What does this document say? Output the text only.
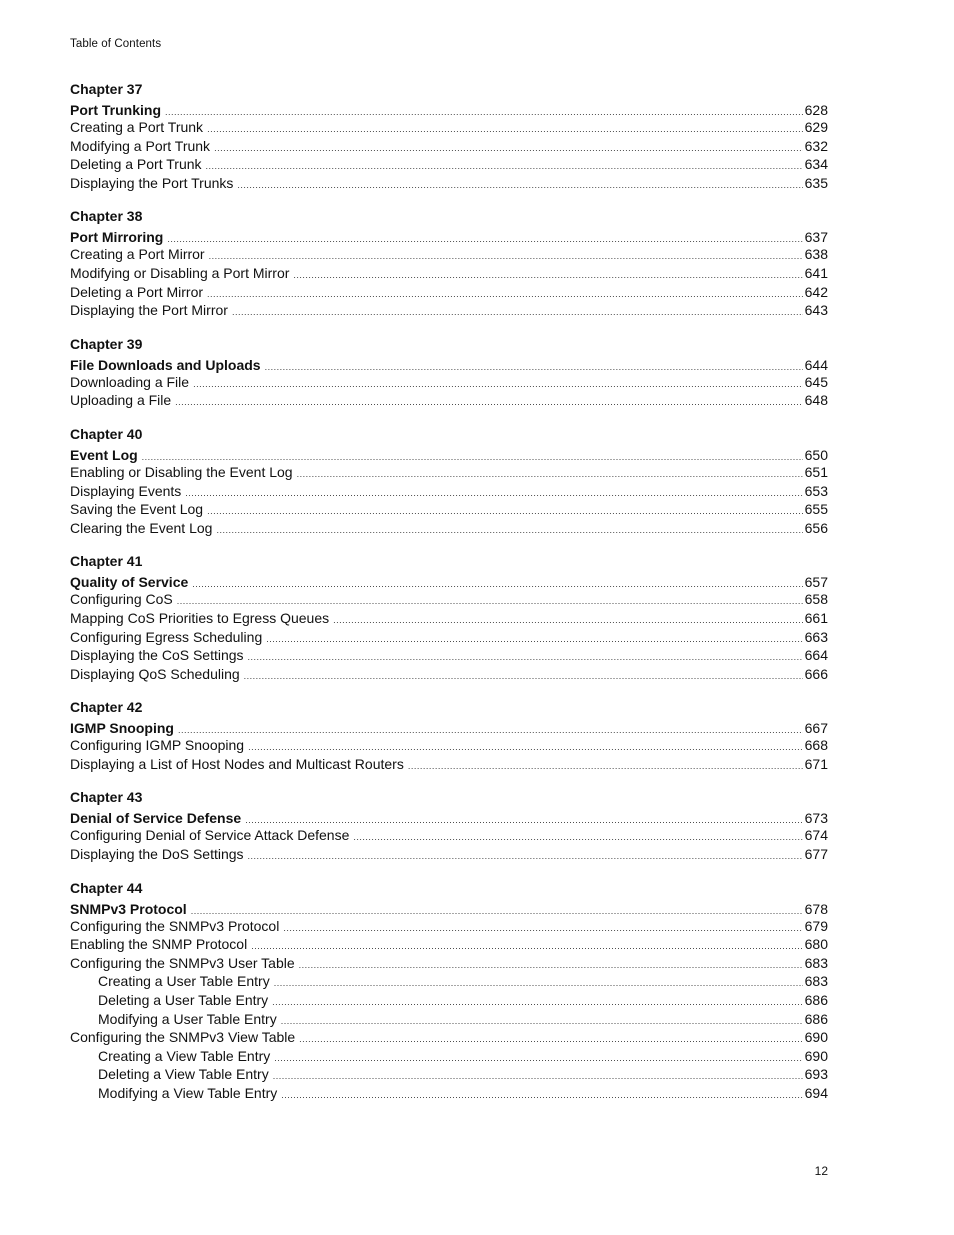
Table of Contents
Chapter 37
Port Trunking .....	628
Creating a Port Trunk .....	629
Modifying a Port Trunk .....	632
Deleting a Port Trunk .....	634
Displaying the Port Trunks .....	635
Chapter 38
Port Mirroring .....	637
Creating a Port Mirror .....	638
Modifying or Disabling a Port Mirror .....	641
Deleting a Port Mirror .....	642
Displaying the Port Mirror .....	643
Chapter 39
File Downloads and Uploads .....	644
Downloading a File .....	645
Uploading a File .....	648
Chapter 40
Event Log .....	650
Enabling or Disabling the Event Log .....	651
Displaying Events .....	653
Saving the Event Log .....	655
Clearing the Event Log .....	656
Chapter 41
Quality of Service .....	657
Configuring CoS .....	658
Mapping CoS Priorities to Egress Queues .....	661
Configuring Egress Scheduling .....	663
Displaying the CoS Settings .....	664
Displaying QoS Scheduling .....	666
Chapter 42
IGMP Snooping .....	667
Configuring IGMP Snooping .....	668
Displaying a List of Host Nodes and Multicast Routers .....	671
Chapter 43
Denial of Service Defense .....	673
Configuring Denial of Service Attack Defense .....	674
Displaying the DoS Settings .....	677
Chapter 44
SNMPv3 Protocol .....	678
Configuring the SNMPv3 Protocol .....	679
Enabling the SNMP Protocol .....	680
Configuring the SNMPv3 User Table .....	683
Creating a User Table Entry .....	683
Deleting a User Table Entry .....	686
Modifying a User Table Entry .....	686
Configuring the SNMPv3 View Table .....	690
Creating a View Table Entry .....	690
Deleting a View Table Entry .....	693
Modifying a View Table Entry .....	694
12
